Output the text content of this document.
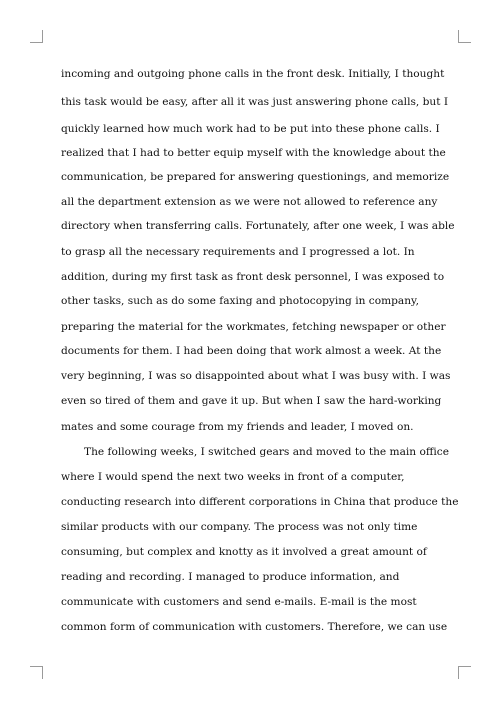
incoming and outgoing phone calls in the front desk. Initially, I thought
this task would be easy, after all it was just answering phone calls, but I
quickly learned how much work had to be put into these phone calls. I
realized that I had to better equip myself with the knowledge about the
communication, be prepared for answering questionings, and memorize
all the department extension as we were not allowed to reference any
directory when transferring calls. Fortunately, after one week, I was able
to grasp all the necessary requirements and I progressed a lot. In
addition, during my first task as front desk personnel, I was exposed to
other tasks, such as do some faxing and photocopying in company,
preparing the material for the workmates, fetching newspaper or other
documents for them. I had been doing that work almost a week. At the
very beginning, I was so disappointed about what I was busy with. I was
even so tired of them and gave it up. But when I saw the hard-working
mates and some courage from my friends and leader, I moved on.
The following weeks, I switched gears and moved to the main office
where I would spend the next two weeks in front of a computer,
conducting research into different corporations in China that produce the
similar products with our company. The process was not only time
consuming, but complex and knotty as it involved a great amount of
reading and recording. I managed to produce information, and
communicate with customers and send e-mails. E-mail is the most
common form of communication with customers. Therefore, we can use
